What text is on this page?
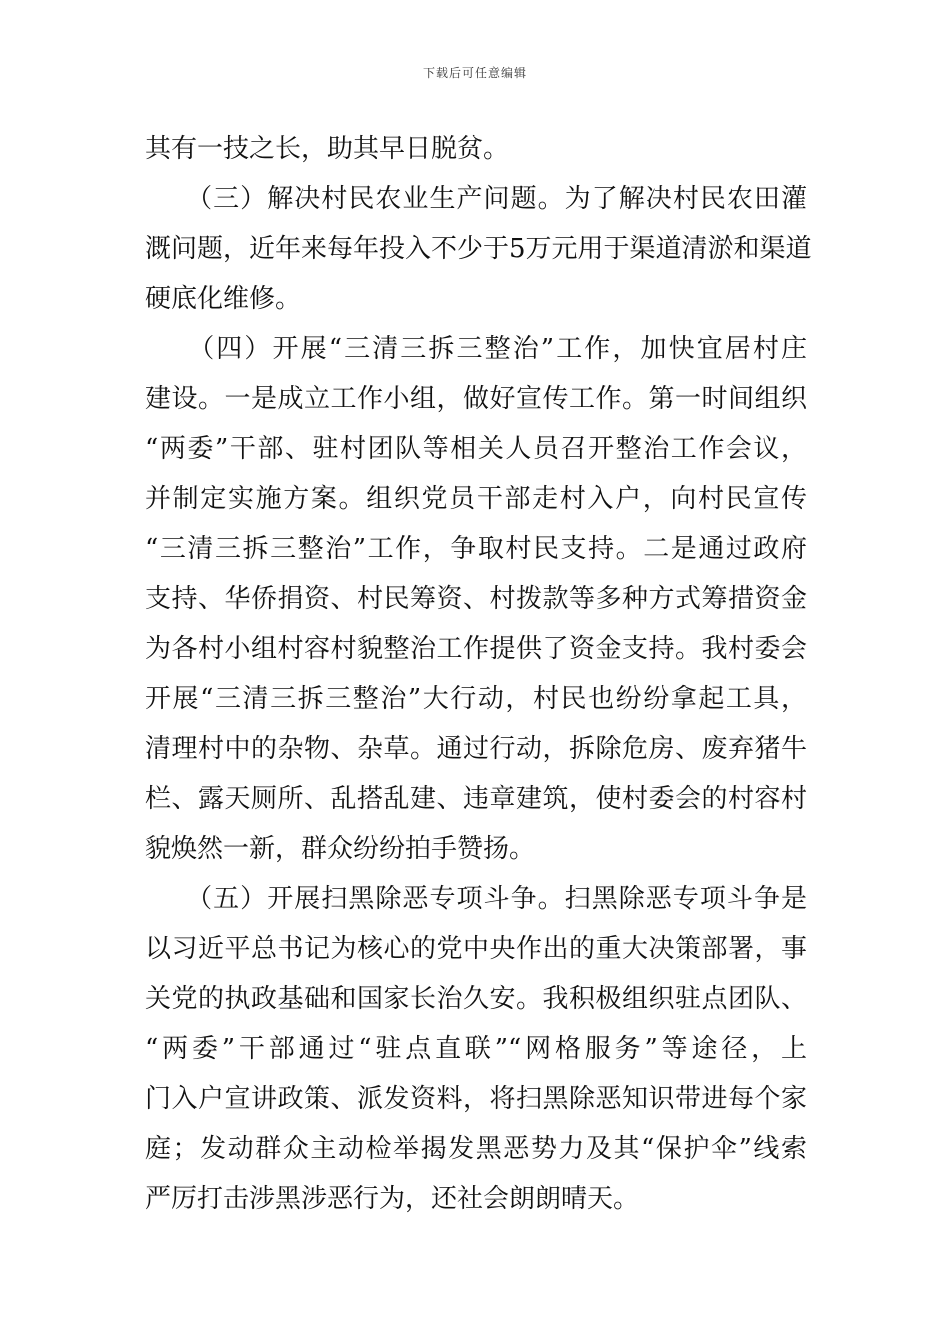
下载后可任意编辑

其有一技之长，助其早日脱贫。

　　（三）解决村民农业生产问题。为了解决村民农田灌

溉问题，近年来每年投入不少于5万元用于渠道清淤和渠道

硬底化维修。

　　（四）开展“三清三拆三整治”工作，加快宜居村庄

建设。一是成立工作小组，做好宣传工作。第一时间组织

“两委”干部、驻村团队等相关人员召开整治工作会议，

并制定实施方案。组织党员干部走村入户，向村民宣传

“三清三拆三整治”工作，争取村民支持。二是通过政府

支持、华侨捐资、村民筹资、村拨款等多种方式筹措资金

为各村小组村容村貌整治工作提供了资金支持。我村委会

开展“三清三拆三整治”大行动，村民也纷纷拿起工具，

清理村中的杂物、杂草。通过行动，拆除危房、废弃猪牛

栏、露天厕所、乱搭乱建、违章建筑，使村委会的村容村

貌焕然一新，群众纷纷拍手赞扬。

　　（五）开展扫黑除恶专项斗争。扫黑除恶专项斗争是

以习近平总书记为核心的党中央作出的重大决策部署，事

关党的执政基础和国家长治久安。我积极组织驻点团队、

“两委”干部通过“驻点直联”“网格服务”等途径，上

门入户宣讲政策、派发资料，将扫黑除恶知识带进每个家

庭；发动群众主动检举揭发黑恶势力及其“保护伞”线索

严厉打击涉黑涉恶行为，还社会朗朗晴天。
